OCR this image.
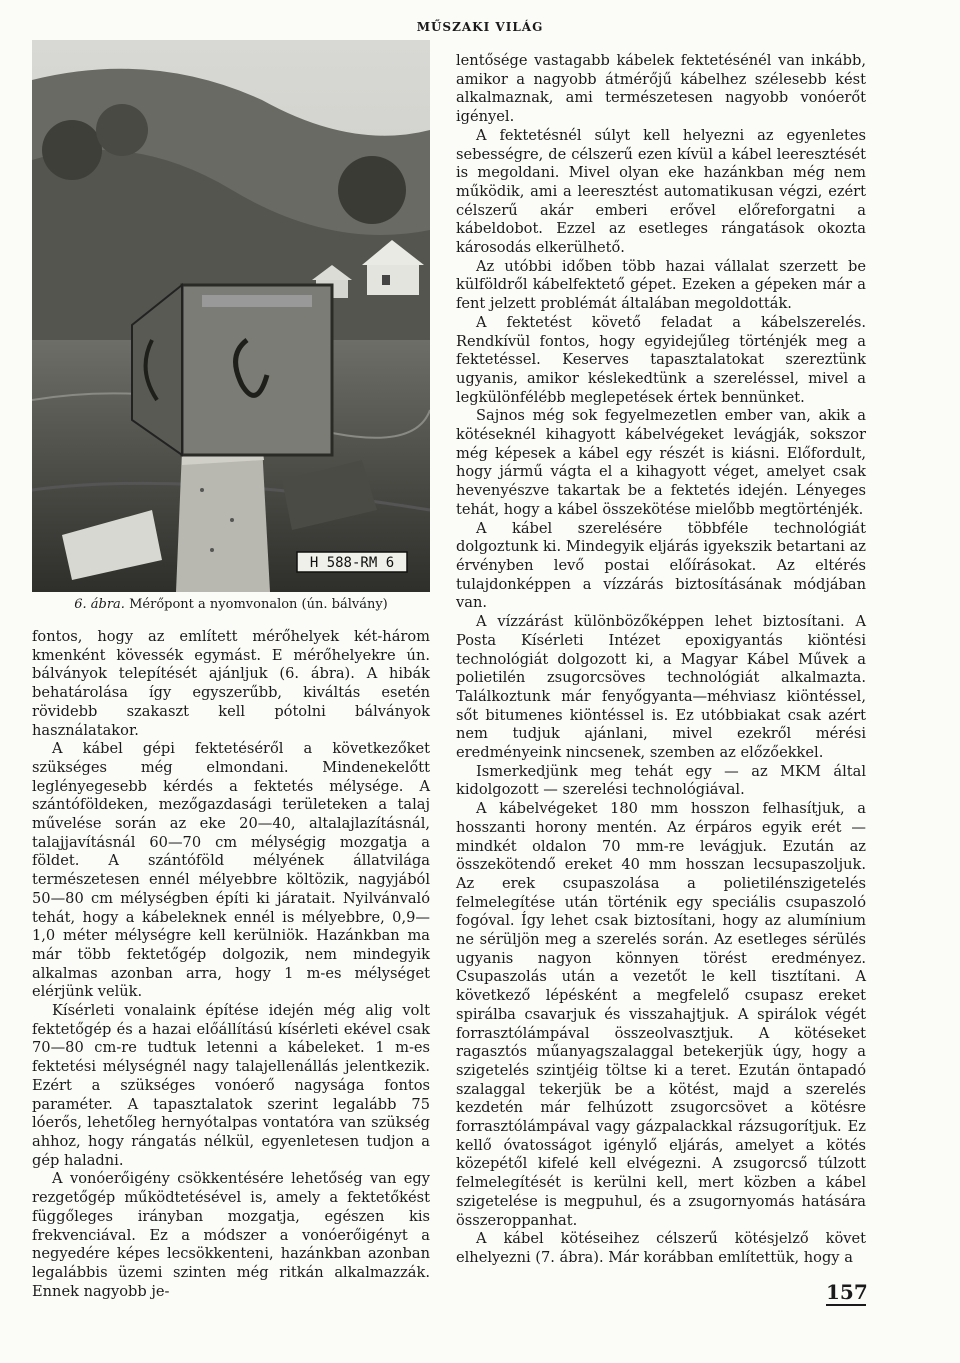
MŰSZAKI VILÁG
H 588-RM 6
6. ábra. Mérőpont a nyomvonalon (ún. bálvány)

fontos, hogy az említett mérőhelyek két-három kmenként kövessék egymást. E mérőhelyekre ún. bálványok telepítését ajánljuk (6. ábra). A hibák behatárolása így egyszerűbb, kiváltás esetén rövidebb szakaszt kell pótolni bálványok használatakor.

A kábel gépi fektetéséről a következőket szükséges még elmondani. Mindenekelőtt leglényegesebb kérdés a fektetés mélysége. A szántóföldeken, mezőgazdasági területeken a talaj művelése során az eke 20—40, altalajlazításnál, talajjavításnál 60—70 cm mélységig mozgatja a földet. A szántóföld mélyének állatvilága természetesen ennél mélyebbre költözik, nagyjából 50—80 cm mélységben építi ki járatait. Nyilvánvaló tehát, hogy a kábeleknek ennél is mélyebbre, 0,9—1,0 méter mélységre kell kerülniök. Hazánkban ma már több fektetőgép dolgozik, nem mindegyik alkalmas azonban arra, hogy 1 m-es mélységet elérjünk velük.

Kísérleti vonalaink építése idején még alig volt fektetőgép és a hazai előállítású kísérleti ekével csak 70—80 cm-re tudtuk letenni a kábeleket. 1 m-es fektetési mélységnél nagy talajellenállás jelentkezik. Ezért a szükséges vonóerő nagysága fontos paraméter. A tapasztalatok szerint legalább 75 lóerős, lehetőleg hernyótalpas vontatóra van szükség ahhoz, hogy rángatás nélkül, egyenletesen tudjon a gép haladni.

A vonóerőigény csökkentésére lehetőség van egy rezgetőgép működtetésével is, amely a fektetőkést függőleges irányban mozgatja, egészen kis frekvenciával. Ez a módszer a vonóerőigényt a negyedére képes lecsökkenteni, hazánkban azonban legalábbis üzemi szinten még ritkán alkalmazzák. Ennek nagyobb je-

lentősége vastagabb kábelek fektetésénél van inkább, amikor a nagyobb átmérőjű kábelhez szélesebb kést alkalmaznak, ami természetesen nagyobb vonóerőt igényel.

A fektetésnél súlyt kell helyezni az egyenletes sebességre, de célszerű ezen kívül a kábel leeresztését is megoldani. Mivel olyan eke hazánkban még nem működik, ami a leeresztést automatikusan végzi, ezért célszerű akár emberi erővel előreforgatni a kábeldobot. Ezzel az esetleges rángatások okozta károsodás elkerülhető.

Az utóbbi időben több hazai vállalat szerzett be külföldről kábelfektető gépet. Ezeken a gépeken már a fent jelzett problémát általában megoldották.

A fektetést követő feladat a kábelszerelés. Rendkívül fontos, hogy egyidejűleg történjék meg a fektetéssel. Keserves tapasztalatokat szereztünk ugyanis, amikor késlekedtünk a szereléssel, mivel a legkülönfélébb meglepetések értek bennünket.

Sajnos még sok fegyelmezetlen ember van, akik a kötéseknél kihagyott kábelvégeket levágják, sokszor még képesek a kábel egy részét is kiásni. Előfordult, hogy jármű vágta el a kihagyott véget, amelyet csak hevenyészve takartak be a fektetés idején. Lényeges tehát, hogy a kábel összekötése mielőbb megtörténjék.

A kábel szerelésére többféle technológiát dolgoztunk ki. Mindegyik eljárás igyekszik betartani az érvényben levő postai előírásokat. Az eltérés tulajdonképpen a vízzárás biztosításának módjában van.

A vízzárást különbözőképpen lehet biztosítani. A Posta Kísérleti Intézet epoxigyantás kiöntési technológiát dolgozott ki, a Magyar Kábel Művek a polietilén zsugorcsöves technológiát alkalmazta. Találkoztunk már fenyőgyanta—méhviasz kiöntéssel, sőt bitumenes kiöntéssel is. Ez utóbbiakat csak azért nem tudjuk ajánlani, mivel ezekről mérési eredményeink nincsenek, szemben az előzőekkel.

Ismerkedjünk meg tehát egy — az MKM által kidolgozott — szerelési technológiával.

A kábelvégeket 180 mm hosszon felhasítjuk, a hosszanti horony mentén. Az érpáros egyik erét — mindkét oldalon 70 mm-re levágjuk. Ezután az összekötendő ereket 40 mm hosszan lecsupaszoljuk. Az erek csupaszolása a polietilénszigetelés felmelegítése után történik egy speciális csupaszoló fogóval. Így lehet csak biztosítani, hogy az alumínium ne sérüljön meg a szerelés során. Az esetleges sérülés ugyanis nagyon könnyen törést eredményez. Csupaszolás után a vezetőt le kell tisztítani. A következő lépésként a megfelelő csupasz ereket spirálba csavarjuk és visszahajtjuk. A spirálok végét forrasztólámpával összeolvasztjuk. A kötéseket ragasztós műanyagszalaggal betekerjük úgy, hogy a szigetelés szintjéig töltse ki a teret. Ezután öntapadó szalaggal tekerjük be a kötést, majd a szerelés kezdetén már felhúzott zsugorcsövet a kötésre forrasztólámpával vagy gázpalackkal rázsugorítjuk. Ez kellő óvatosságot igénylő eljárás, amelyet a kötés közepétől kifelé kell elvégezni. A zsugorcső túlzott felmelegítését is kerülni kell, mert közben a kábel szigetelése is megpuhul, és a zsugornyomás hatására összeroppanhat.

A kábel kötéseihez célszerű kötésjelző követ elhelyezni (7. ábra). Már korábban említettük, hogy a

157
